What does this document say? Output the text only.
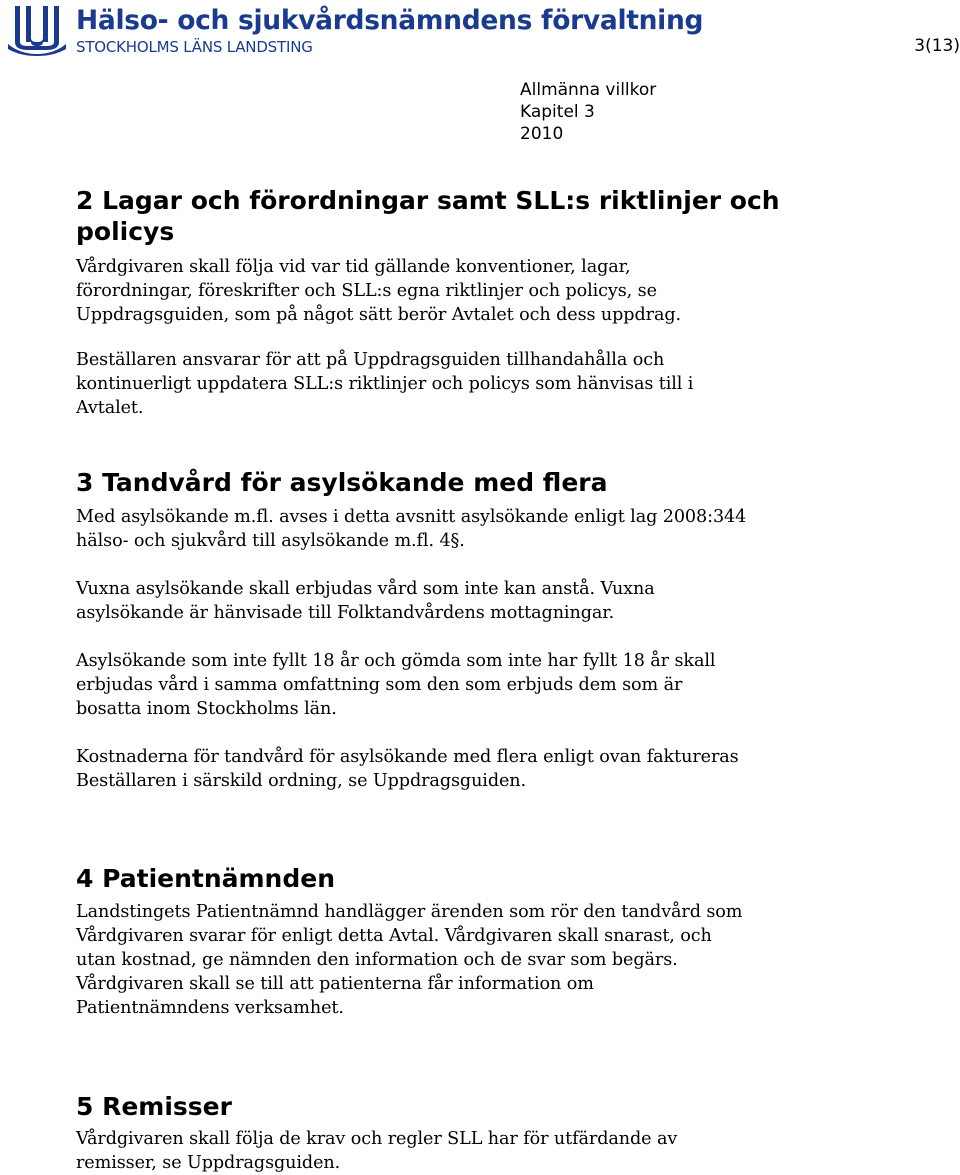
Hälso- och sjukvårdsnämndens förvaltning
STOCKHOLMS LÄNS LANDSTING	3(13)
Allmänna villkor
Kapitel 3
2010
2 Lagar och förordningar samt SLL:s riktlinjer och
policys

Vårdgivaren skall följa vid var tid gällande konventioner, lagar,
förordningar, föreskrifter och SLL:s egna riktlinjer och policys, se
Uppdragsguiden, som på något sätt berör Avtalet och dess uppdrag.

Beställaren ansvarar för att på Uppdragsguiden tillhandahålla och
kontinuerligt uppdatera SLL:s riktlinjer och policys som hänvisas till i
Avtalet.

3 Tandvård för asylsökande med flera

Med asylsökande m.fl. avses i detta avsnitt asylsökande enligt lag 2008:344
hälso- och sjukvård till asylsökande m.fl. 4§.

Vuxna asylsökande skall erbjudas vård som inte kan anstå. Vuxna
asylsökande är hänvisade till Folktandvårdens mottagningar.

Asylsökande som inte fyllt 18 år och gömda som inte har fyllt 18 år skall
erbjudas vård i samma omfattning som den som erbjuds dem som är
bosatta inom Stockholms län.

Kostnaderna för tandvård för asylsökande med flera enligt ovan faktureras
Beställaren i särskild ordning, se Uppdragsguiden.

4 Patientnämnden

Landstingets Patientnämnd handlägger ärenden som rör den tandvård som
Vårdgivaren svarar för enligt detta Avtal. Vårdgivaren skall snarast, och
utan kostnad, ge nämnden den information och de svar som begärs.
Vårdgivaren skall se till att patienterna får information om
Patientnämndens verksamhet.

5 Remisser

Vårdgivaren skall följa de krav och regler SLL har för utfärdande av
remisser, se Uppdragsguiden.
